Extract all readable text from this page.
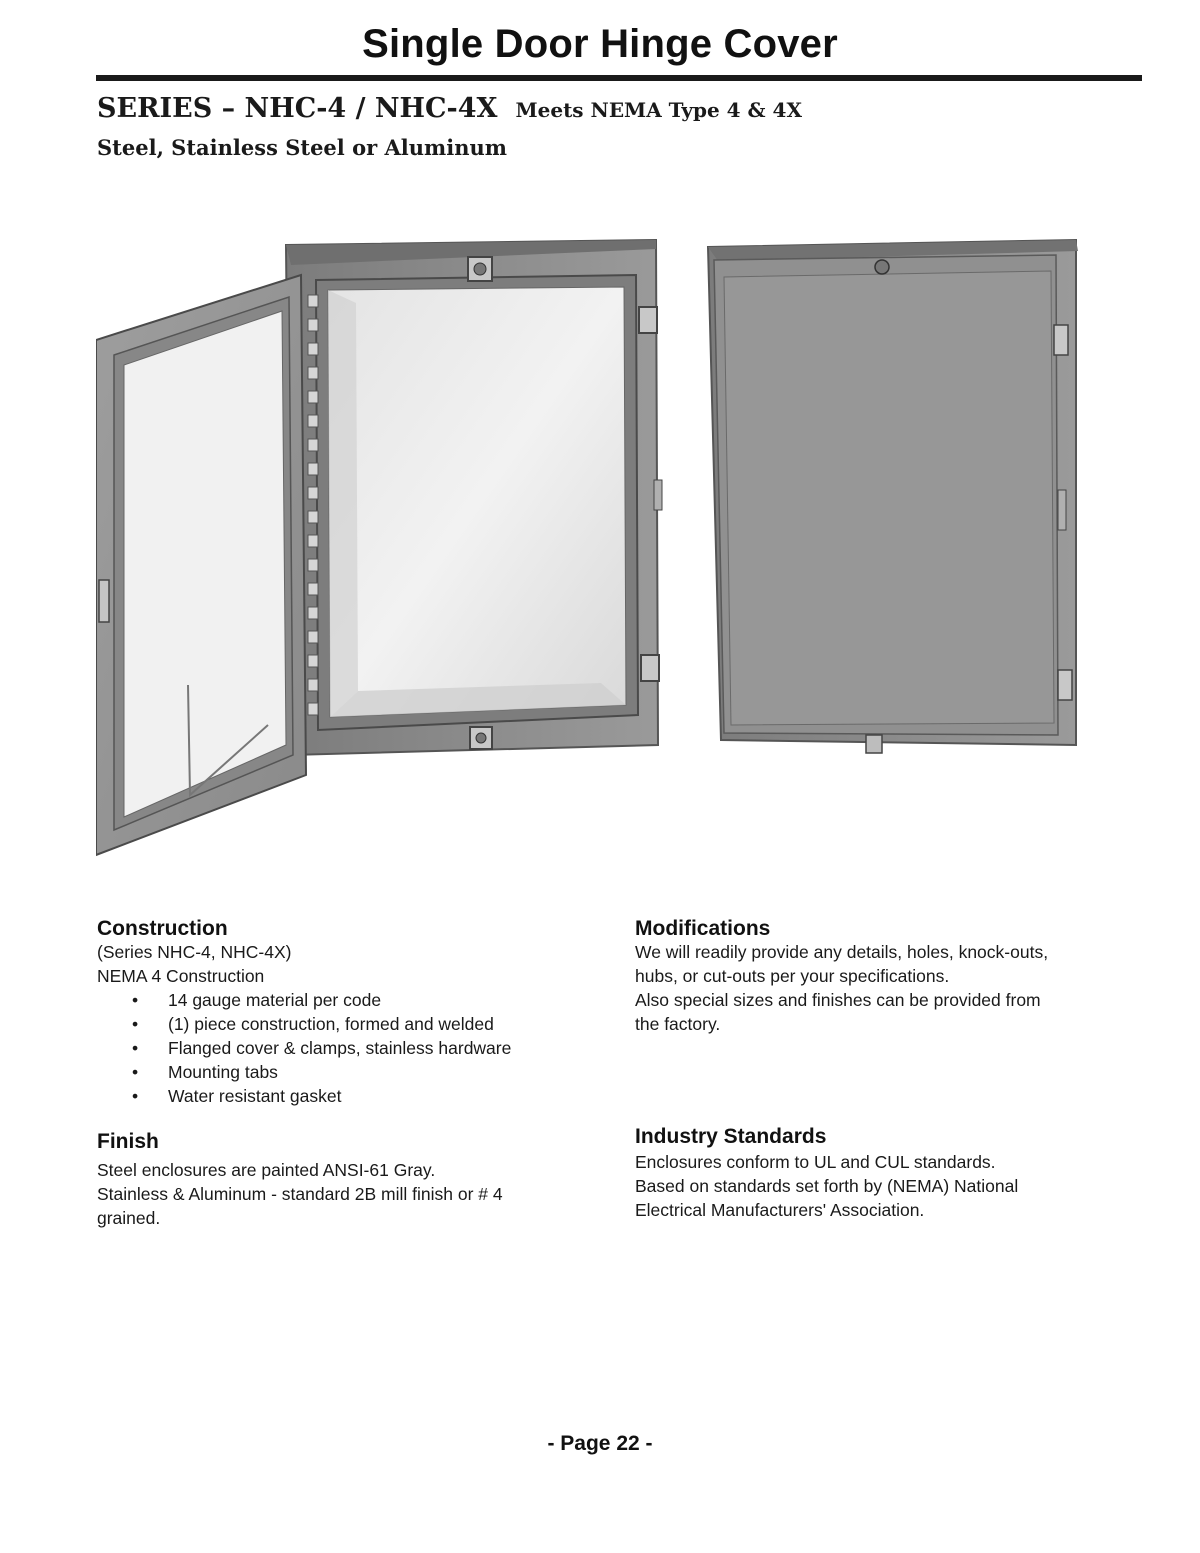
Single Door Hinge Cover
SERIES – NHC-4 / NHC-4X Meets NEMA Type 4 & 4X
Steel, Stainless Steel or Aluminum
Construction
(Series NHC-4, NHC-4X)
NEMA 4 Construction
• 14 gauge material per code
• (1) piece construction, formed and welded
• Flanged cover & clamps, stainless hardware
• Mounting tabs
• Water resistant gasket
Finish
Steel enclosures are painted ANSI-61 Gray.
Stainless & Aluminum - standard 2B mill finish or # 4
grained.
Modifications
We will readily provide any details, holes, knock-outs,
hubs, or cut-outs per your specifications.
Also special sizes and finishes can be provided from
the factory.
Industry Standards
Enclosures conform to UL and CUL standards.
Based on standards set forth by (NEMA) National
Electrical Manufacturers' Association.
- Page 22 -
